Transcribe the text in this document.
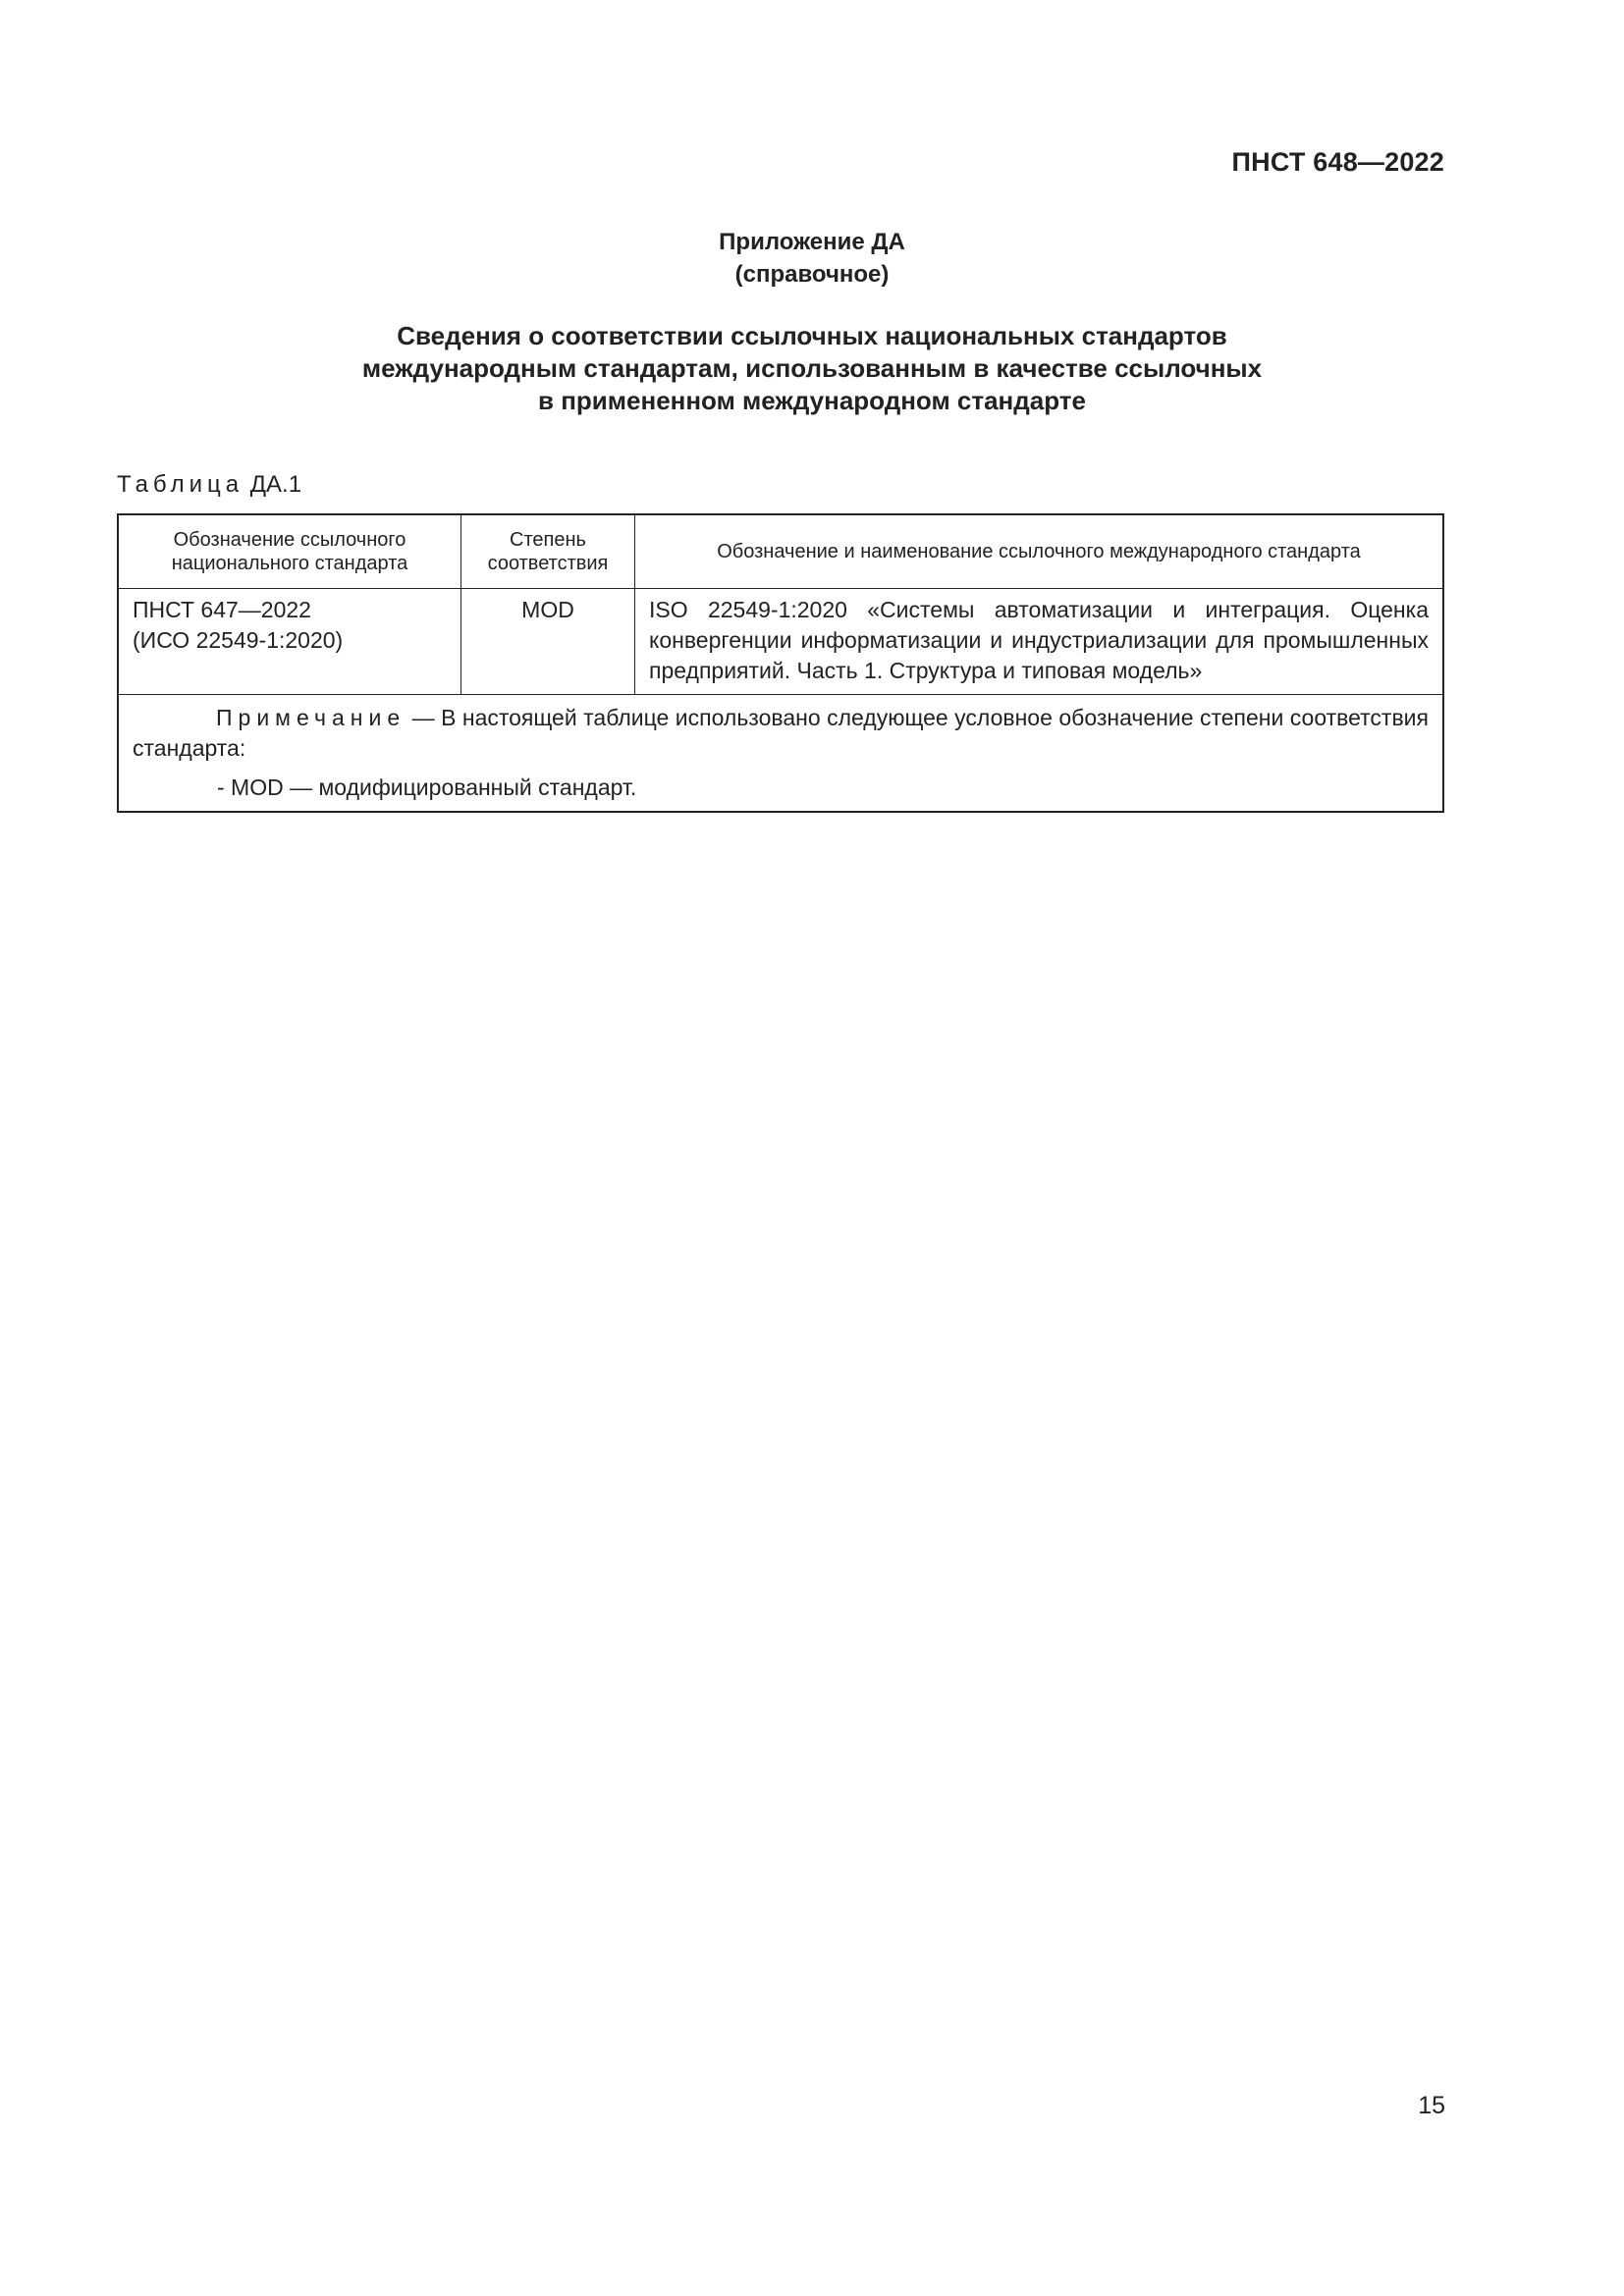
ПНСТ 648—2022
Приложение ДА
(справочное)
Сведения о соответствии ссылочных национальных стандартов
международным стандартам, использованным в качестве ссылочных
в примененном международном стандарте
Таблица ДА.1
Обозначение ссылочного национального стандарта	Степень соответствия	Обозначение и наименование ссылочного международного стандарта

ПНСТ 647—2022
(ИСО 22549-1:2020)	MOD	ISO 22549-1:2020 «Системы автоматизации и интеграция. Оценка конвергенции информатизации и индустриализации для промышленных предприятий. Часть 1. Структура и типовая модель»

Примечание — В настоящей таблице использовано следующее условное обозначение степени соответствия стандарта:
- MOD — модифицированный стандарт.		
15
